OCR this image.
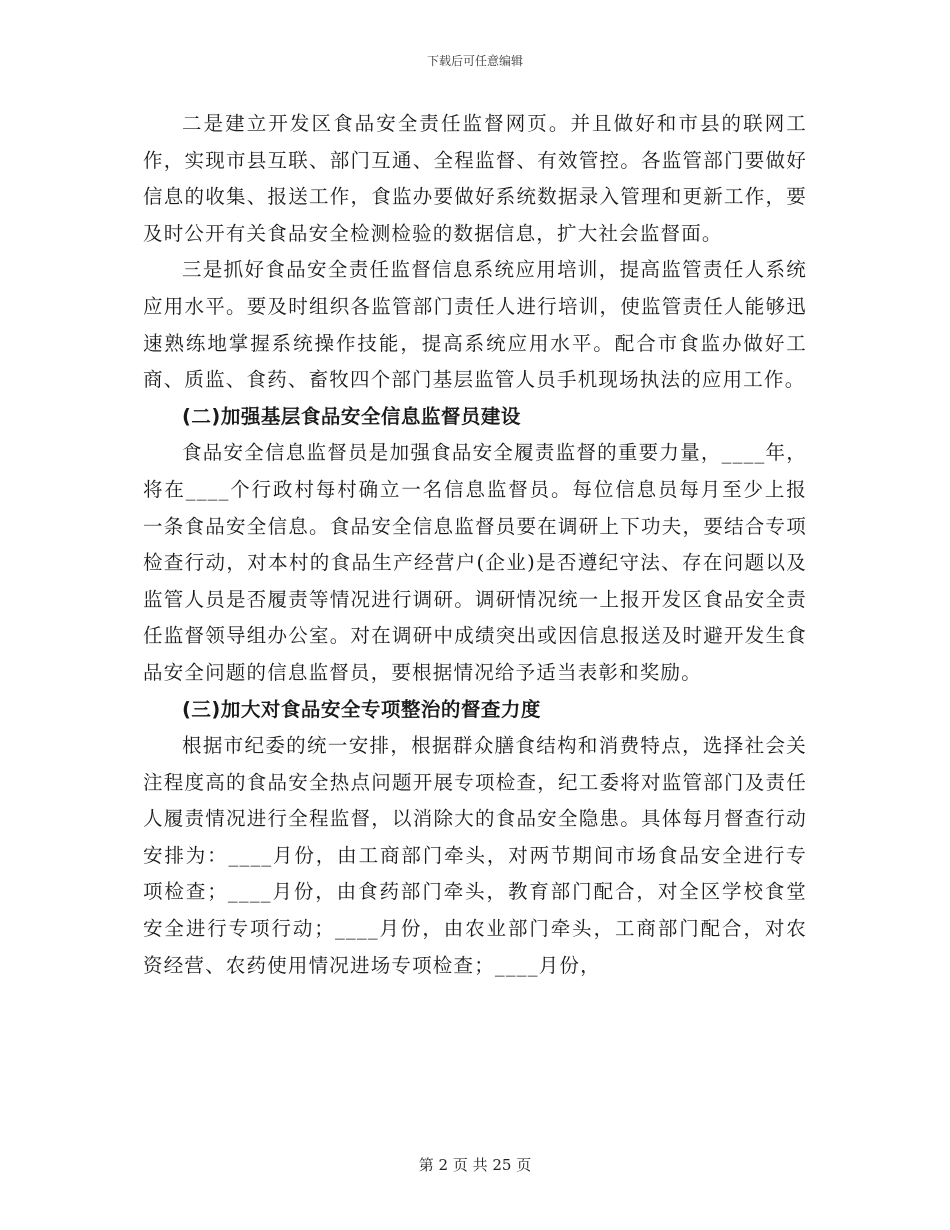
下载后可任意编辑

二是建立开发区食品安全责任监督网页。并且做好和市县的联网工作，实现市县互联、部门互通、全程监督、有效管控。各监管部门要做好信息的收集、报送工作，食监办要做好系统数据录入管理和更新工作，要及时公开有关食品安全检测检验的数据信息，扩大社会监督面。

三是抓好食品安全责任监督信息系统应用培训，提高监管责任人系统应用水平。要及时组织各监管部门责任人进行培训，使监管责任人能够迅速熟练地掌握系统操作技能，提高系统应用水平。配合市食监办做好工商、质监、食药、畜牧四个部门基层监管人员手机现场执法的应用工作。

(二)加强基层食品安全信息监督员建设

食品安全信息监督员是加强食品安全履责监督的重要力量，____年，将在____个行政村每村确立一名信息监督员。每位信息员每月至少上报一条食品安全信息。食品安全信息监督员要在调研上下功夫，要结合专项检查行动，对本村的食品生产经营户(企业)是否遵纪守法、存在问题以及监管人员是否履责等情况进行调研。调研情况统一上报开发区食品安全责任监督领导组办公室。对在调研中成绩突出或因信息报送及时避开发生食品安全问题的信息监督员，要根据情况给予适当表彰和奖励。

(三)加大对食品安全专项整治的督查力度

根据市纪委的统一安排，根据群众膳食结构和消费特点，选择社会关注程度高的食品安全热点问题开展专项检查，纪工委将对监管部门及责任人履责情况进行全程监督，以消除大的食品安全隐患。具体每月督查行动安排为：____月份，由工商部门牵头，对两节期间市场食品安全进行专项检查；____月份，由食药部门牵头，教育部门配合，对全区学校食堂安全进行专项行动；____月份，由农业部门牵头，工商部门配合，对农资经营、农药使用情况进场专项检查；____月份，

第 2 页 共 25 页
